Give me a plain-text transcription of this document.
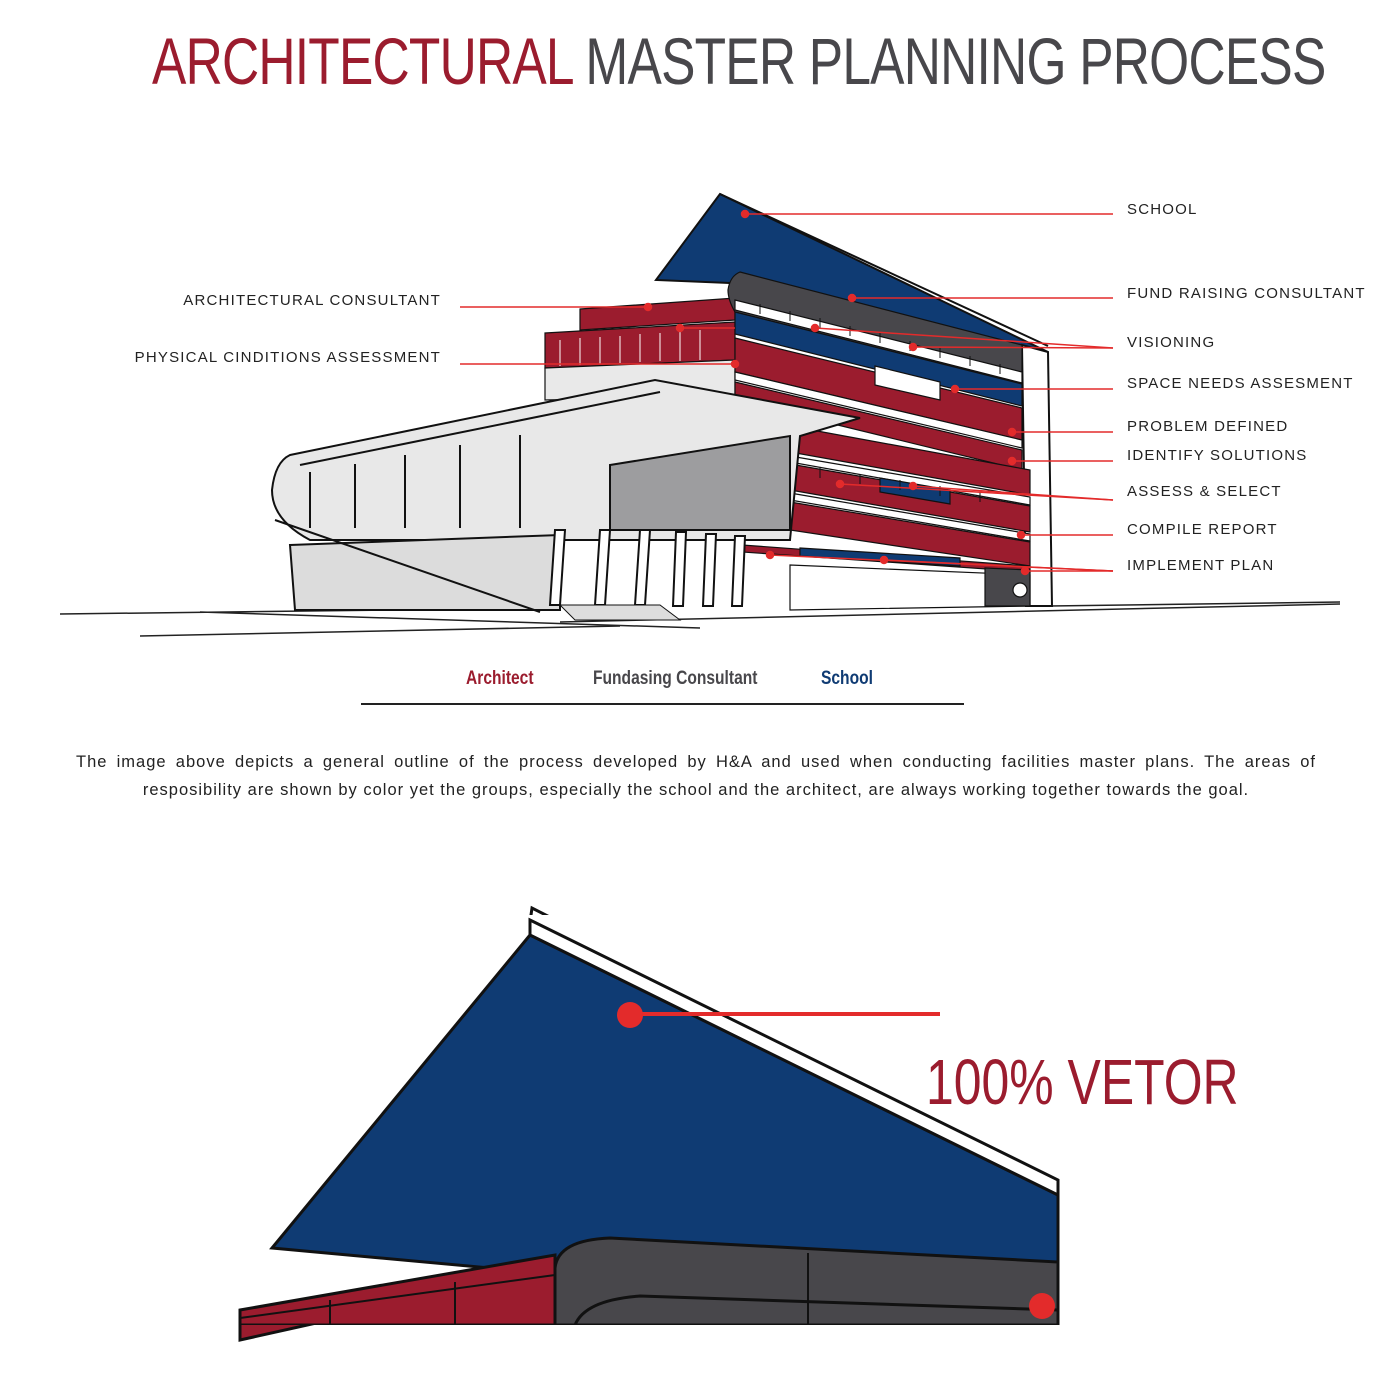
ARCHITECTURAL MASTER PLANNING PROCESS
ARCHITECTURAL CONSULTANT
PHYSICAL CINDITIONS ASSESSMENT
SCHOOL
FUND RAISING CONSULTANT
VISIONING
SPACE NEEDS ASSESMENT
PROBLEM DEFINED
IDENTIFY SOLUTIONS
ASSESS & SELECT
COMPILE REPORT
IMPLEMENT PLAN
Architect	Fundasing Consultant	School
The image above depicts a general outline of the process developed by H&A and used when conducting facilities master plans. The areas of resposibility are shown by color yet the groups, especially the school and the architect, are always working together towards the goal.
100% VETOR
